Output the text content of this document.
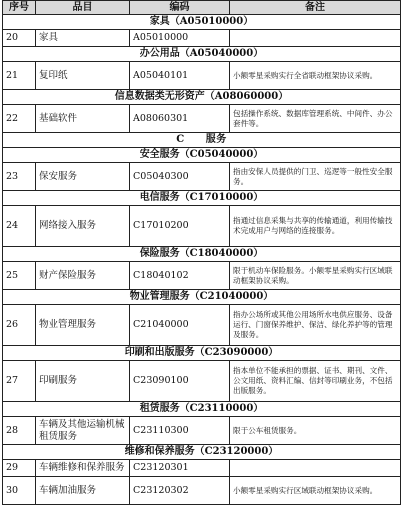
序号	品目	编码	备注
家具（A05010000）			
20	家具	A05010000	
办公用品（A05040000）			
21	复印纸	A05040101	小额零星采购实行全省联动框架协议采购。
信息数据类无形资产（A08060000）			
22	基础软件	A08060301	包括操作系统、数据库管理系统、中间件、办公套件等。
C　　服务			
安全服务（C05040000）			
23	保安服务	C05040300	指由安保人员提供的门卫、巡逻等一般性安全服务。
电信服务（C17010000）			
24	网络接入服务	C17010200	指通过信息采集与共享的传输通道，利用传输技术完成用户与网络的连接服务。
保险服务（C18040000）			
25	财产保险服务	C18040102	限于机动车保险服务。小额零星采购实行区域联动框架协议采购。
物业管理服务（C21040000）			
26	物业管理服务	C21040000	指办公场所或其他公用场所水电供应服务、设备运行、门窗保养维护、保洁、绿化养护等的管理及服务。
印刷和出版服务（C23090000）			
27	印刷服务	C23090100	指本单位不能承担的票据、证书、期刊、文件、公文用纸、资料汇编、信封等印刷业务，不包括出版服务。
租赁服务（C23110000）			
28	车辆及其他运输机械租赁服务	C23110300	限于公车租赁服务。
维修和保养服务（C23120000）			
29	车辆维修和保养服务	C23120301	
30	车辆加油服务	C23120302	小额零星采购实行区域联动框架协议采购。
